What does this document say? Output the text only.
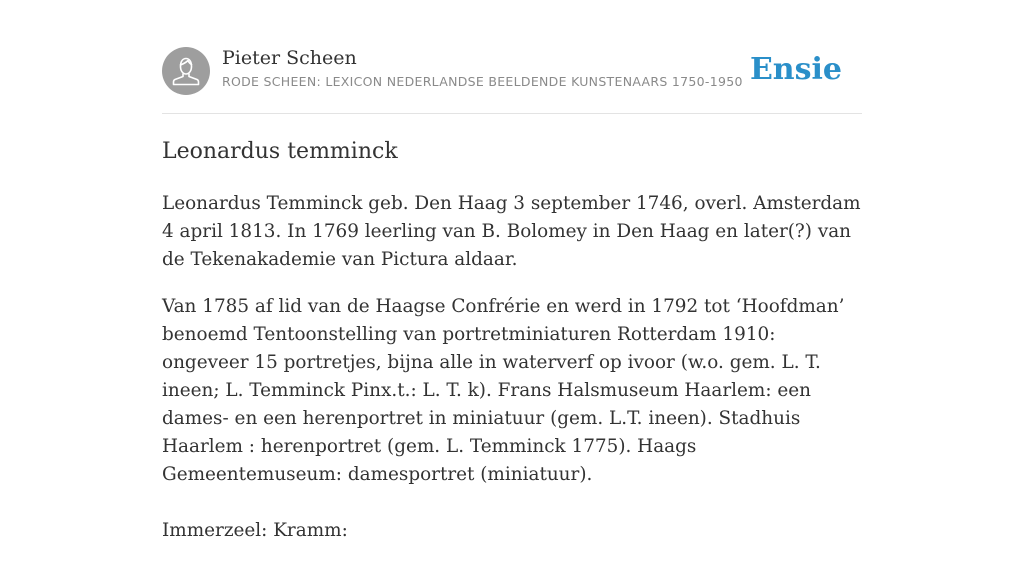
Pieter Scheen
RODE SCHEEN: LEXICON NEDERLANDSE BEELDENDE KUNSTENAARS 1750-1950 Ensie
Leonardus temminck

Leonardus Temminck geb. Den Haag 3 september 1746, overl. Amsterdam 4 april 1813. In 1769 leerling van B. Bolomey in Den Haag en later(?) van de Tekenakademie van Pictura aldaar.

Van 1785 af lid van de Haagse Confrérie en werd in 1792 tot ‘Hoofdman’ benoemd Tentoonstelling van portretminiaturen Rotterdam 1910: ongeveer 15 portretjes, bijna alle in waterverf op ivoor (w.o. gem. L. T. ineen; L. Temminck Pinx.t.: L. T. k). Frans Halsmuseum Haarlem: een dames- en een herenportret in miniatuur (gem. L.T. ineen). Stadhuis Haarlem : herenportret (gem. L. Temminck 1775). Haags Gemeentemuseum: damesportret (miniatuur).

Immerzeel: Kramm:
